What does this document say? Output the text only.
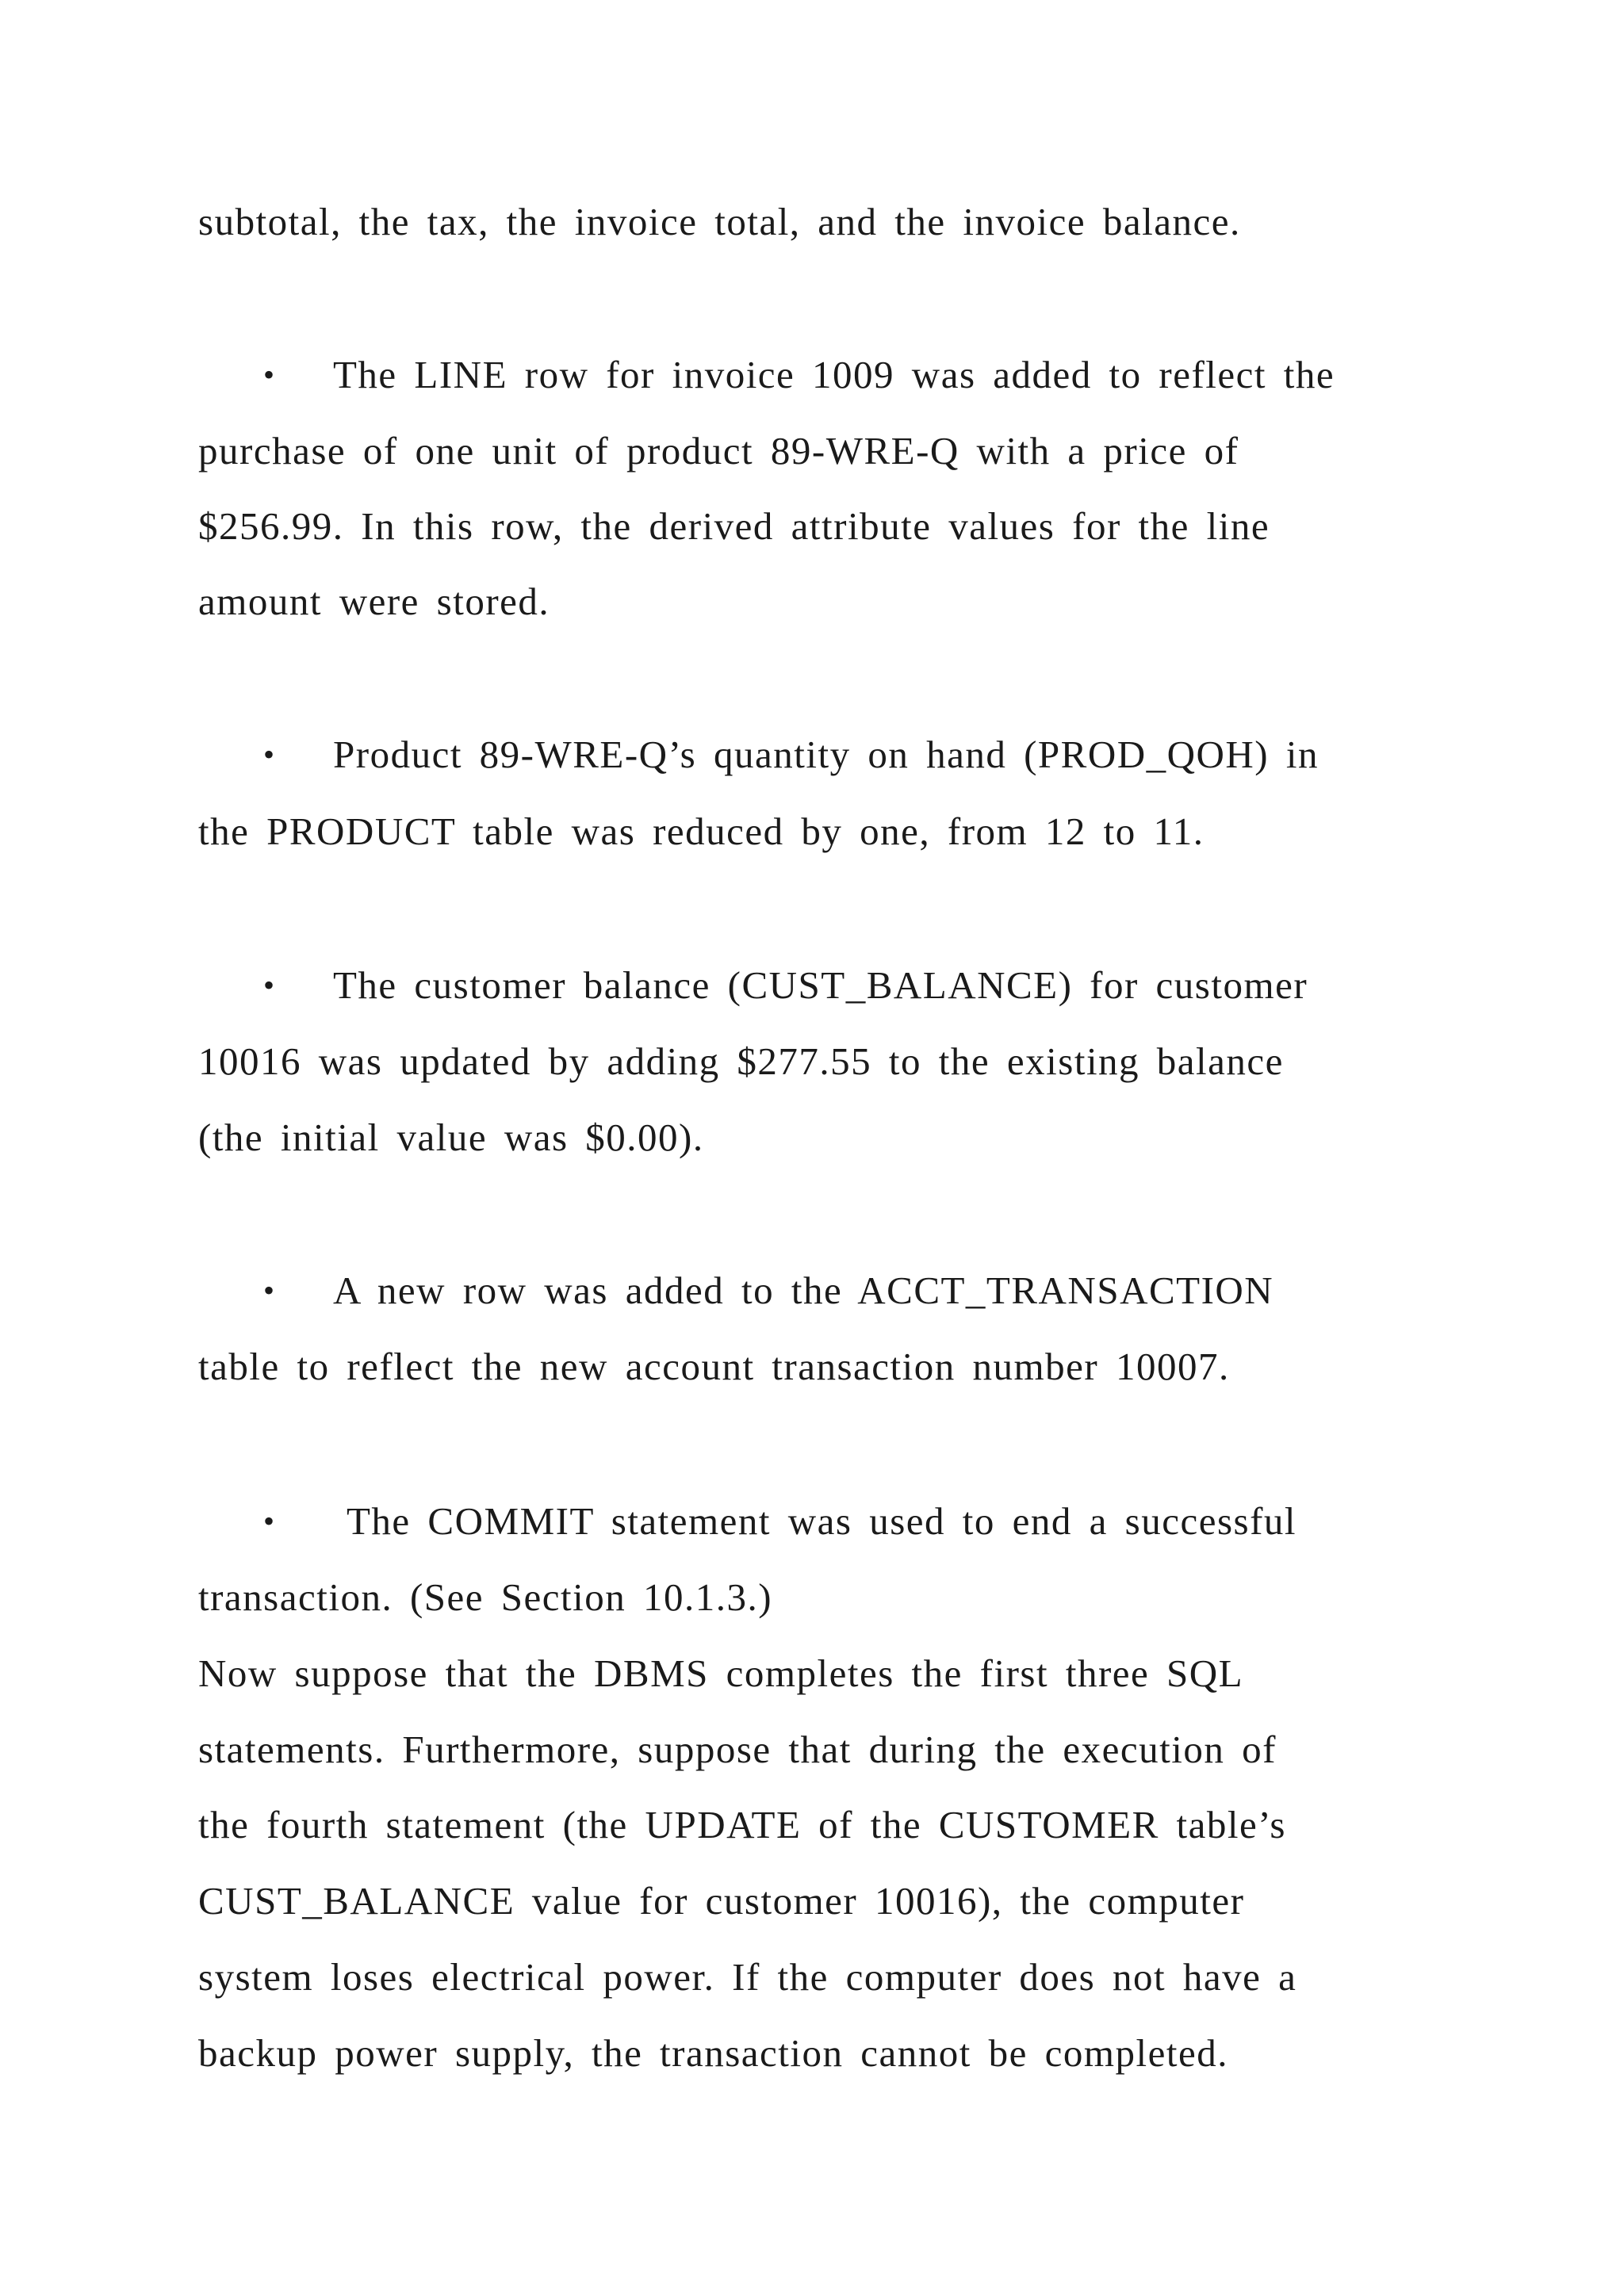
subtotal, the tax, the invoice total, and the invoice balance.
• The LINE row for invoice 1009 was added to reflect the
purchase of one unit of product 89-WRE-Q with a price of
$256.99. In this row, the derived attribute values for the line
amount were stored.
• Product 89-WRE-Q’s quantity on hand (PROD_QOH) in
the PRODUCT table was reduced by one, from 12 to 11.
• The customer balance (CUST_BALANCE) for customer
10016 was updated by adding $277.55 to the existing balance
(the initial value was $0.00).
• A new row was added to the ACCT_TRANSACTION
table to reflect the new account transaction number 10007.
• The COMMIT statement was used to end a successful
transaction. (See Section 10.1.3.)
Now suppose that the DBMS completes the first three SQL
statements. Furthermore, suppose that during the execution of
the fourth statement (the UPDATE of the CUSTOMER table’s
CUST_BALANCE value for customer 10016), the computer
system loses electrical power. If the computer does not have a
backup power supply, the transaction cannot be completed.
